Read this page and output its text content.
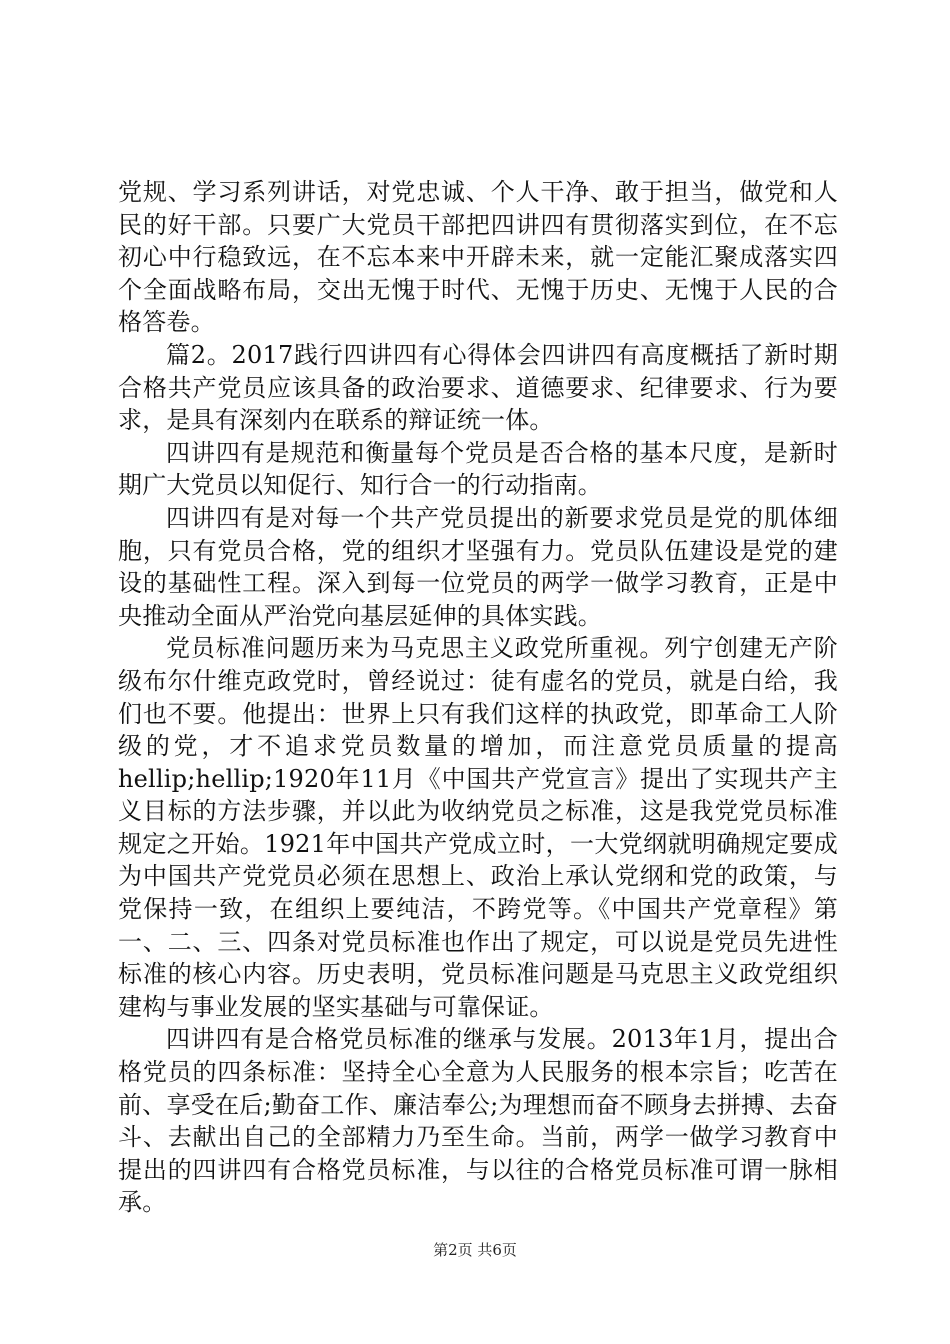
党规、学习系列讲话，对党忠诚、个人干净、敢于担当，做党和人民的好干部。只要广大党员干部把四讲四有贯彻落实到位，在不忘初心中行稳致远，在不忘本来中开辟未来，就一定能汇聚成落实四个全面战略布局，交出无愧于时代、无愧于历史、无愧于人民的合格答卷。

篇2。2017践行四讲四有心得体会四讲四有高度概括了新时期合格共产党员应该具备的政治要求、道德要求、纪律要求、行为要求，是具有深刻内在联系的辩证统一体。

四讲四有是规范和衡量每个党员是否合格的基本尺度，是新时期广大党员以知促行、知行合一的行动指南。

四讲四有是对每一个共产党员提出的新要求党员是党的肌体细胞，只有党员合格，党的组织才坚强有力。党员队伍建设是党的建设的基础性工程。深入到每一位党员的两学一做学习教育，正是中央推动全面从严治党向基层延伸的具体实践。

党员标准问题历来为马克思主义政党所重视。列宁创建无产阶级布尔什维克政党时，曾经说过：徒有虚名的党员，就是白给，我们也不要。他提出：世界上只有我们这样的执政党，即革命工人阶级的党，才不追求党员数量的增加，而注意党员质量的提高hellip;hellip;1920年11月《中国共产党宣言》提出了实现共产主义目标的方法步骤，并以此为收纳党员之标准，这是我党党员标准规定之开始。1921年中国共产党成立时，一大党纲就明确规定要成为中国共产党党员必须在思想上、政治上承认党纲和党的政策，与党保持一致，在组织上要纯洁，不跨党等。《中国共产党章程》第一、二、三、四条对党员标准也作出了规定，可以说是党员先进性标准的核心内容。历史表明，党员标准问题是马克思主义政党组织建构与事业发展的坚实基础与可靠保证。

四讲四有是合格党员标准的继承与发展。2013年1月，提出合格党员的四条标准：坚持全心全意为人民服务的根本宗旨；吃苦在前、享受在后;勤奋工作、廉洁奉公;为理想而奋不顾身去拼搏、去奋斗、去献出自己的全部精力乃至生命。当前，两学一做学习教育中提出的四讲四有合格党员标准，与以往的合格党员标准可谓一脉相承。

第2页 共6页
